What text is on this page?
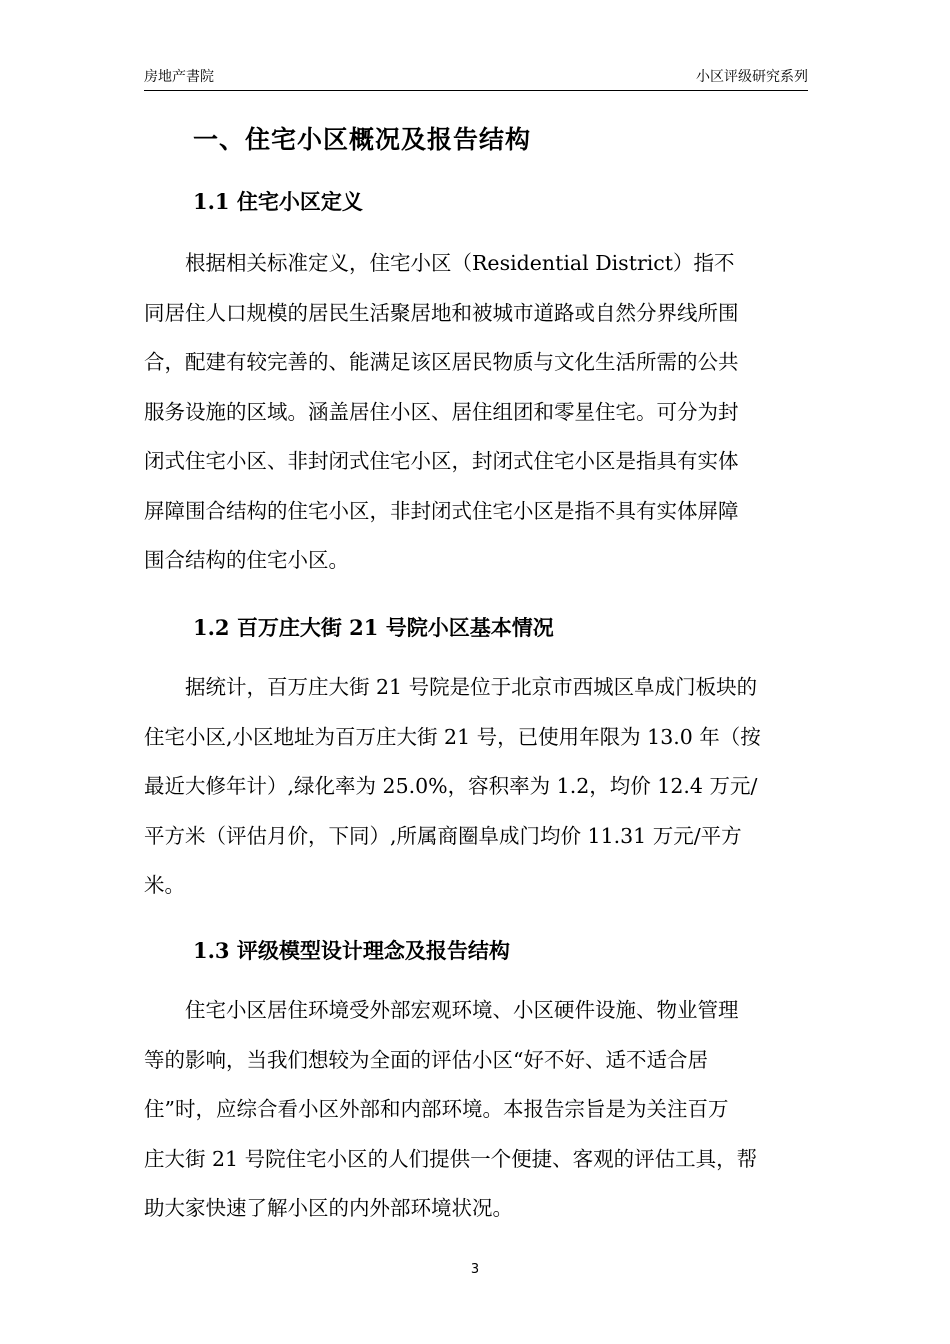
房地产書院	小区评级研究系列
一、住宅小区概况及报告结构
1.1 住宅小区定义
　　根据相关标准定义，住宅小区（Residential District）指不
同居住人口规模的居民生活聚居地和被城市道路或自然分界线所围
合，配建有较完善的、能满足该区居民物质与文化生活所需的公共
服务设施的区域。涵盖居住小区、居住组团和零星住宅。可分为封
闭式住宅小区、非封闭式住宅小区，封闭式住宅小区是指具有实体
屏障围合结构的住宅小区，非封闭式住宅小区是指不具有实体屏障
围合结构的住宅小区。
1.2 百万庄大街 21 号院小区基本情况
　　据统计，百万庄大街 21 号院是位于北京市西城区阜成门板块的
住宅小区,小区地址为百万庄大街 21 号，已使用年限为 13.0 年（按
最近大修年计）,绿化率为 25.0%，容积率为 1.2，均价 12.4 万元/
平方米（评估月价，下同）,所属商圈阜成门均价 11.31 万元/平方
米。
1.3 评级模型设计理念及报告结构
　　住宅小区居住环境受外部宏观环境、小区硬件设施、物业管理
等的影响，当我们想较为全面的评估小区“好不好、适不适合居
住”时，应综合看小区外部和内部环境。本报告宗旨是为关注百万
庄大街 21 号院住宅小区的人们提供一个便捷、客观的评估工具，帮
助大家快速了解小区的内外部环境状况。
3
